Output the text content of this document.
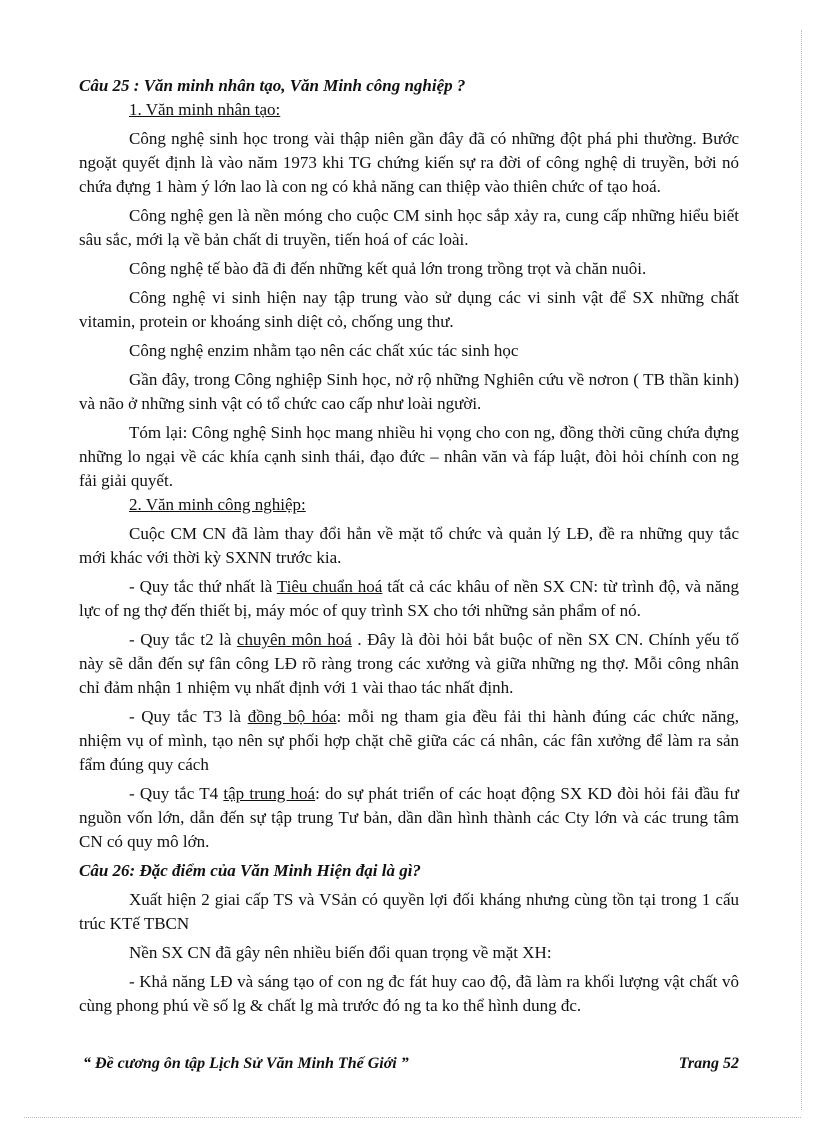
Câu 25 : Văn minh nhân tạo, Văn Minh công nghiệp ?

1. Văn minh nhân tạo:

Công nghệ sinh học trong vài thập niên gần đây đã có những đột phá phi thường. Bước ngoặt quyết định là vào năm 1973 khi TG chứng kiến sự ra đời of công nghệ di truyền, bởi nó chứa đựng 1 hàm ý lớn lao là con ng có khả năng can thiệp vào thiên chức of tạo hoá.

Công nghệ gen là nền móng cho cuộc CM sinh học sắp xảy ra, cung cấp những hiểu biết sâu sắc, mới lạ về bản chất di truyền, tiến hoá of các loài.

Công nghệ tế bào đã đi đến những kết quả lớn trong trồng trọt và chăn nuôi.

Công nghệ vi sinh hiện nay tập trung vào sử dụng các vi sinh vật để SX những chất vitamin, protein or khoáng sinh diệt cỏ, chống ung thư.

Công nghệ enzim nhằm tạo nên các chất xúc tác sinh học

Gần đây, trong Công nghiệp Sinh học, nở rộ những Nghiên cứu về nơron ( TB thần kinh) và não ở những sinh vật có tổ chức cao cấp như loài người.

Tóm lại: Công nghệ Sinh học mang nhiều hi vọng cho con ng, đồng thời cũng chứa đựng những lo ngại về các khía cạnh sinh thái, đạo đức – nhân văn và fáp luật, đòi hỏi chính con ng fải giải quyết.

2. Văn minh công nghiệp:

Cuộc CM CN đã làm thay đổi hẳn về mặt tổ chức và quản lý LĐ, đề ra những quy tắc mới khác với thời kỳ SXNN trước kia.

- Quy tắc thứ nhất là Tiêu chuẩn hoá tất cả các khâu of nền SX CN: từ trình độ, và năng lực of ng thợ đến thiết bị, máy móc of quy trình SX cho tới những sản phẩm of nó.

- Quy tắc t2 là chuyên môn hoá . Đây là đòi hỏi bắt buộc of nền SX CN. Chính yếu tố này sẽ dẫn đến sự fân công LĐ rõ ràng trong các xưởng và giữa những ng thợ. Mỗi công nhân chỉ đảm nhận 1 nhiệm vụ nhất định với 1 vài thao tác nhất định.

- Quy tắc T3 là đồng bộ hóa: mỗi ng tham gia đều fải thi hành đúng các chức năng, nhiệm vụ of mình, tạo nên sự phối hợp chặt chẽ giữa các cá nhân, các fân xưởng để làm ra sản fẩm đúng quy cách

- Quy tắc T4 tập trung hoá: do sự phát triển of các hoạt động SX KD đòi hỏi fải đầu fư nguồn vốn lớn, dẫn đến sự tập trung Tư bản, dần dần hình thành các Cty lớn và các trung tâm CN có quy mô lớn.

Câu 26: Đặc điểm của Văn Minh Hiện đại là gì?

Xuất hiện 2 giai cấp TS và VSản có quyền lợi đối kháng nhưng cùng tồn tại trong 1 cấu trúc KTế TBCN

Nền SX CN đã gây nên nhiều biến đổi quan trọng về mặt XH:

- Khả năng LĐ và sáng tạo of con ng đc fát huy cao độ, đã làm ra khối lượng vật chất vô cùng phong phú về số lg & chất lg mà trước đó ng ta ko thể hình dung đc.

“ Đề cương ôn tập Lịch Sử Văn Minh Thế Giới ”	Trang 52
